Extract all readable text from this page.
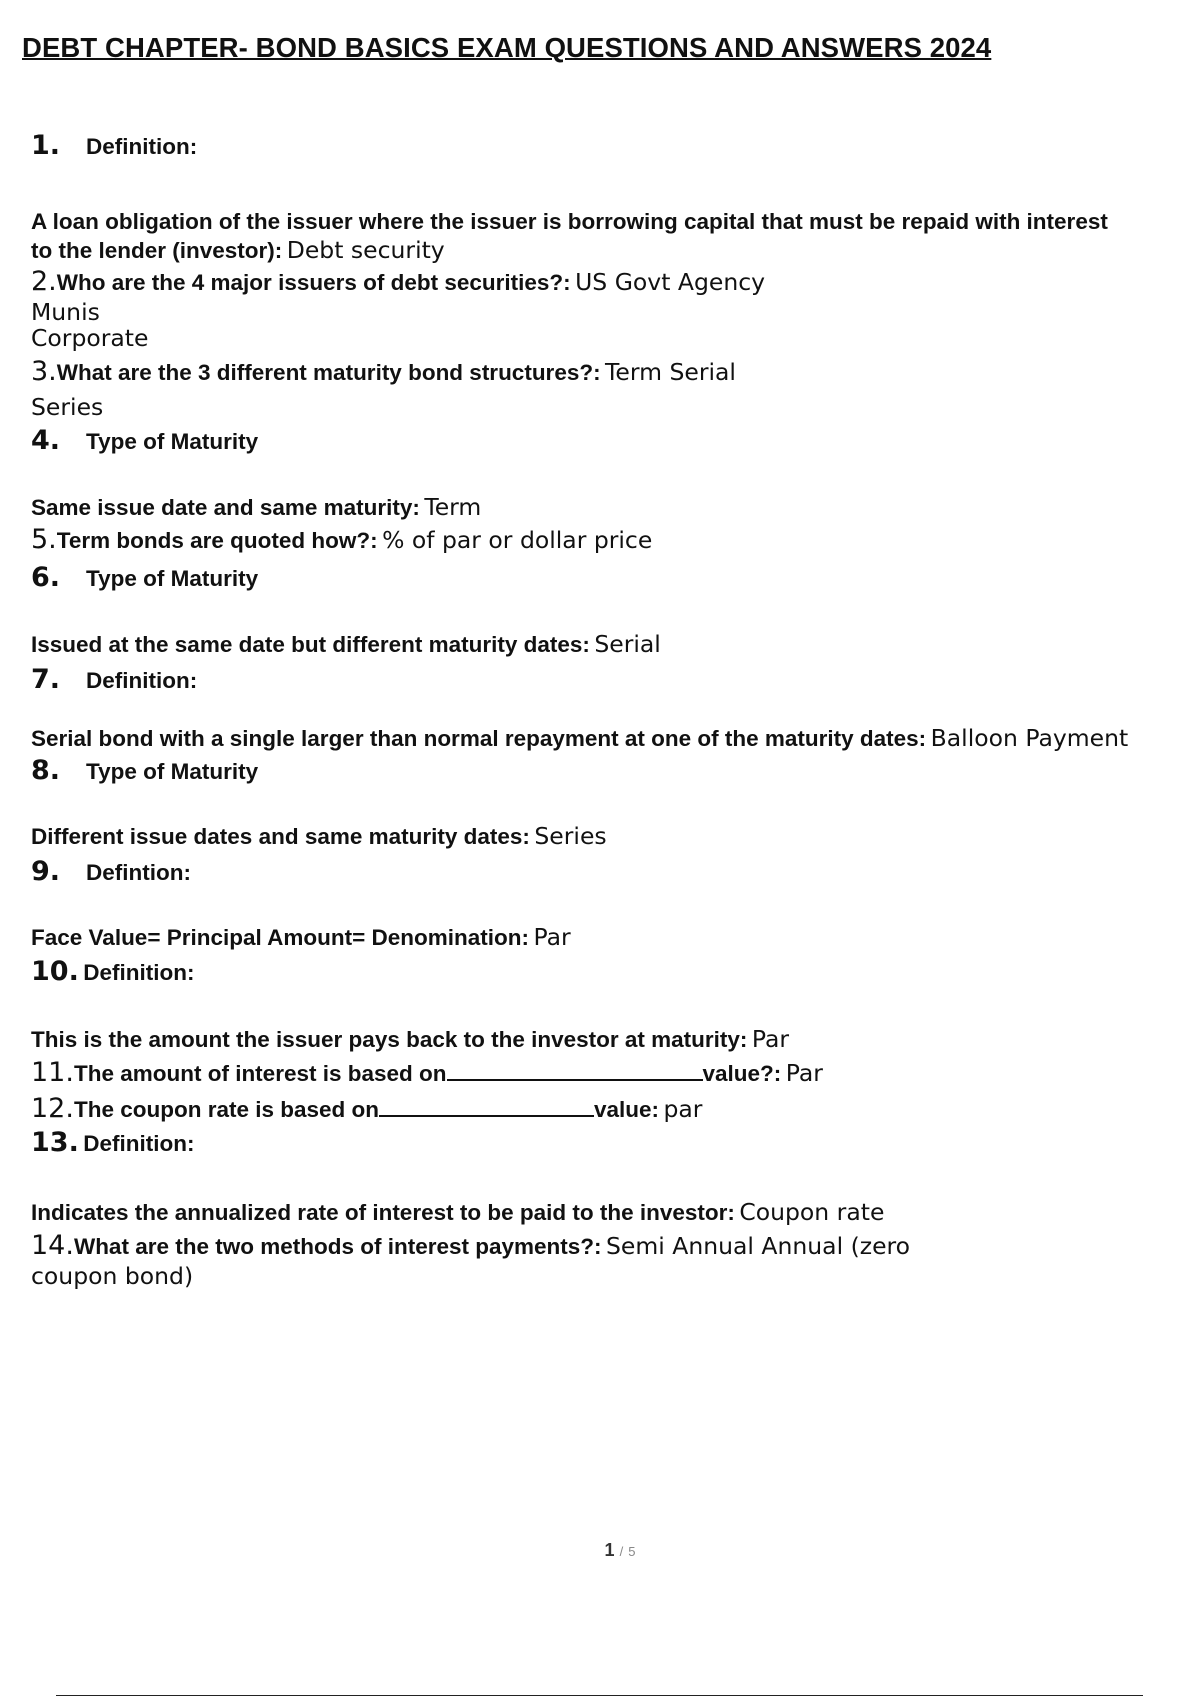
DEBT CHAPTER- BOND BASICS EXAM QUESTIONS AND ANSWERS 2024
1. Definition:
A loan obligation of the issuer where the issuer is borrowing capital that must be repaid with interest
to the lender (investor): Debt security
2.Who are the 4 major issuers of debt securities?: US Govt Agency
Munis
Corporate
3.What are the 3 different maturity bond structures?: Term Serial
Series
4. Type of Maturity
Same issue date and same maturity: Term
5.Term bonds are quoted how?: % of par or dollar price
6. Type of Maturity
Issued at the same date but different maturity dates: Serial
7. Definition:
Serial bond with a single larger than normal repayment at one of the maturity dates: Balloon Payment
8. Type of Maturity
Different issue dates and same maturity dates: Series
9. Defintion:
Face Value= Principal Amount= Denomination: Par
10. Definition:
This is the amount the issuer pays back to the investor at maturity: Par
11.The amount of interest is based on	value?: Par
12.The coupon rate is based on	value: par
13. Definition:
Indicates the annualized rate of interest to be paid to the investor: Coupon rate
14.What are the two methods of interest payments?: Semi Annual Annual (zero
coupon bond)
1 / 5
